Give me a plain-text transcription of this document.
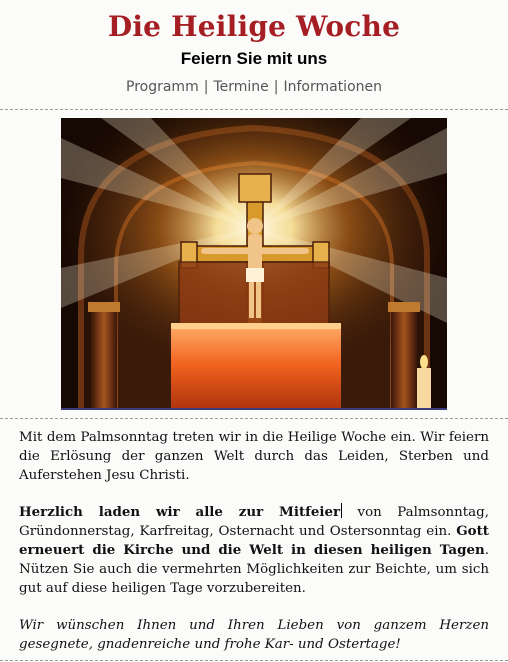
Die Heilige Woche
Feiern Sie mit uns
Programm | Termine | Informationen

Mit dem Palmsonntag treten wir in die Heilige Woche ein. Wir feiern die Erlösung der ganzen Welt durch das Leiden, Sterben und Auferstehen Jesu Christi.

Herzlich laden wir alle zur Mitfeier von Palmsonntag, Gründonnerstag, Karfreitag, Osternacht und Ostersonntag ein. Gott erneuert die Kirche und die Welt in diesen heiligen Tagen. Nützen Sie auch die vermehrten Möglichkeiten zur Beichte, um sich gut auf diese heiligen Tage vorzubereiten.

Wir wünschen Ihnen und Ihren Lieben von ganzem Herzen gesegnete, gnadenreiche und frohe Kar- und Ostertage!
